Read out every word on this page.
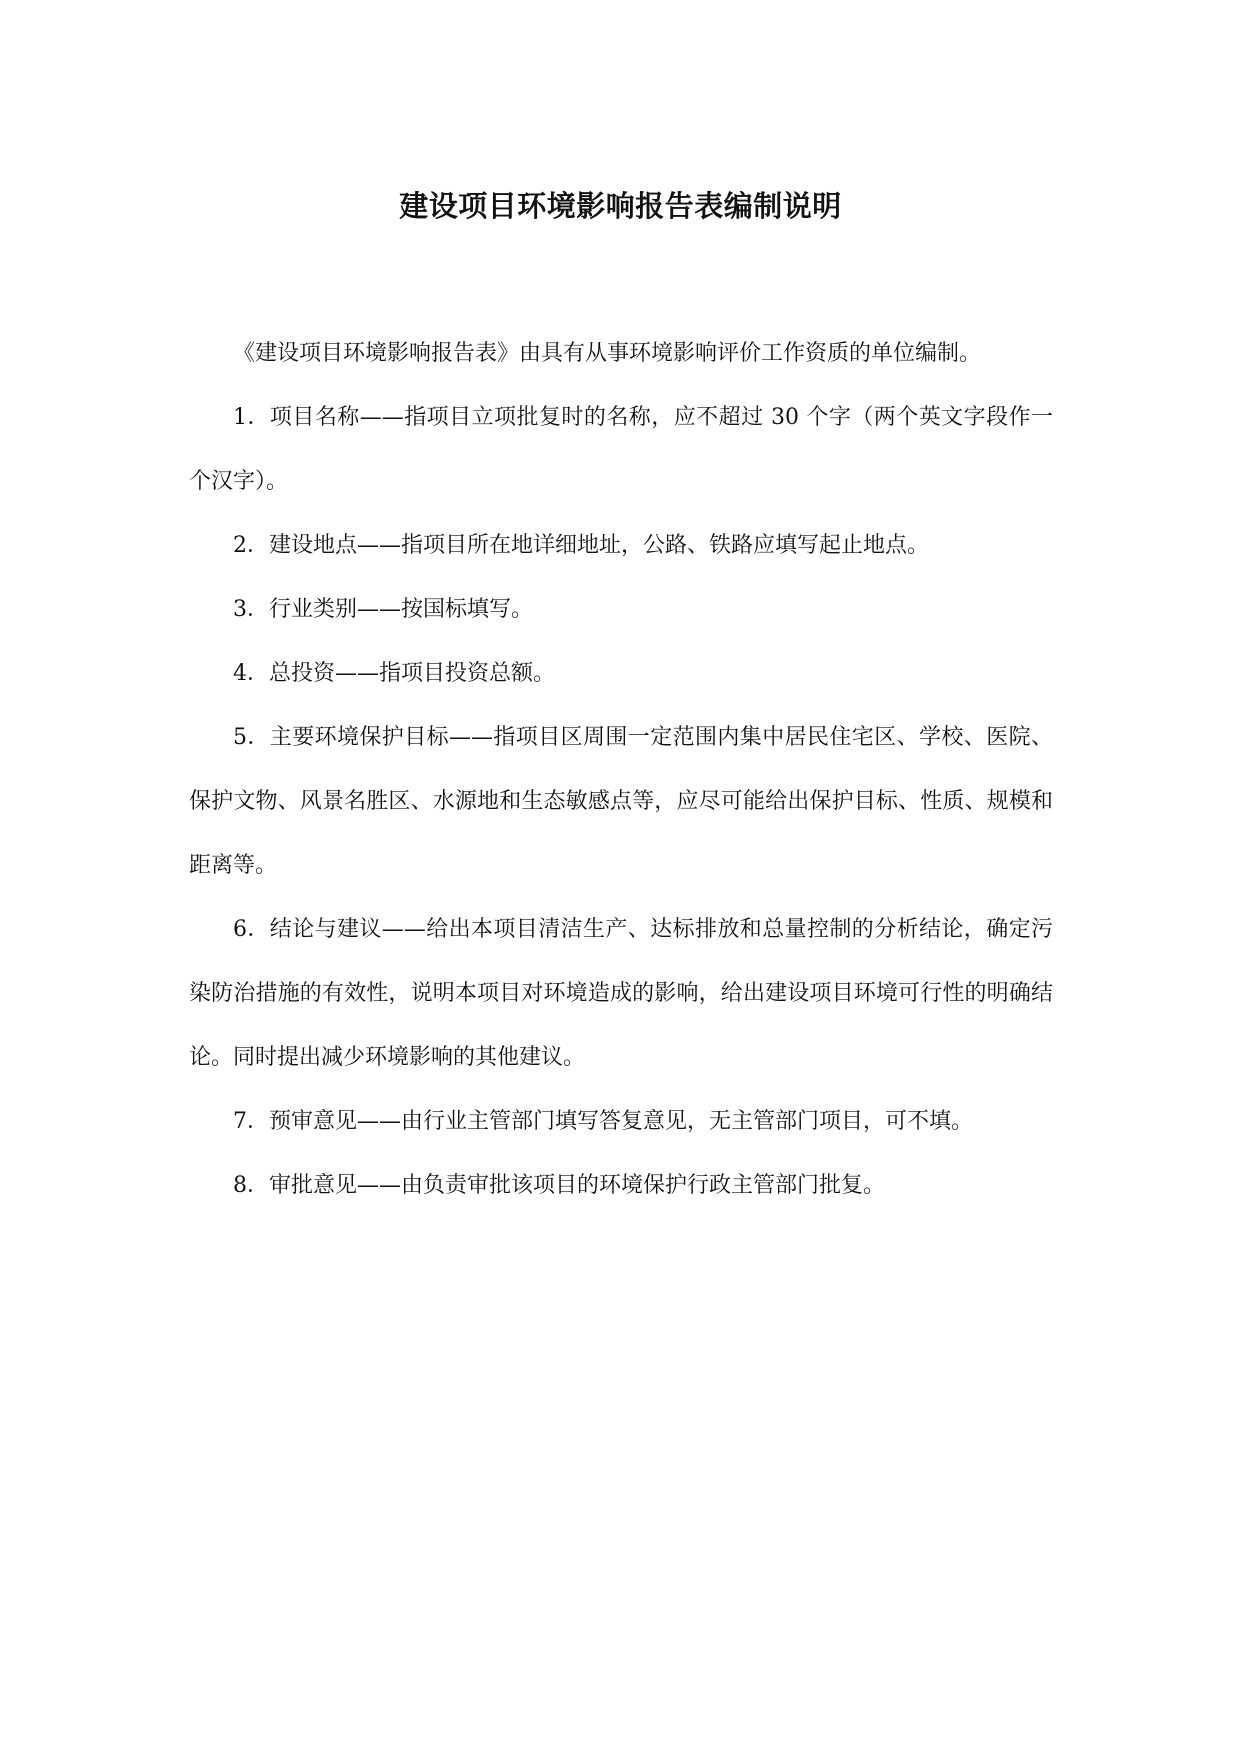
建设项目环境影响报告表编制说明

《建设项目环境影响报告表》由具有从事环境影响评价工作资质的单位编制。

1．项目名称——指项目立项批复时的名称，应不超过 30 个字（两个英文字段作一个汉字）。

2．建设地点——指项目所在地详细地址，公路、铁路应填写起止地点。

3．行业类别——按国标填写。

4．总投资——指项目投资总额。

5．主要环境保护目标——指项目区周围一定范围内集中居民住宅区、学校、医院、保护文物、风景名胜区、水源地和生态敏感点等，应尽可能给出保护目标、性质、规模和距离等。

6．结论与建议——给出本项目清洁生产、达标排放和总量控制的分析结论，确定污染防治措施的有效性，说明本项目对环境造成的影响，给出建设项目环境可行性的明确结论。同时提出减少环境影响的其他建议。

7．预审意见——由行业主管部门填写答复意见，无主管部门项目，可不填。

8．审批意见——由负责审批该项目的环境保护行政主管部门批复。
